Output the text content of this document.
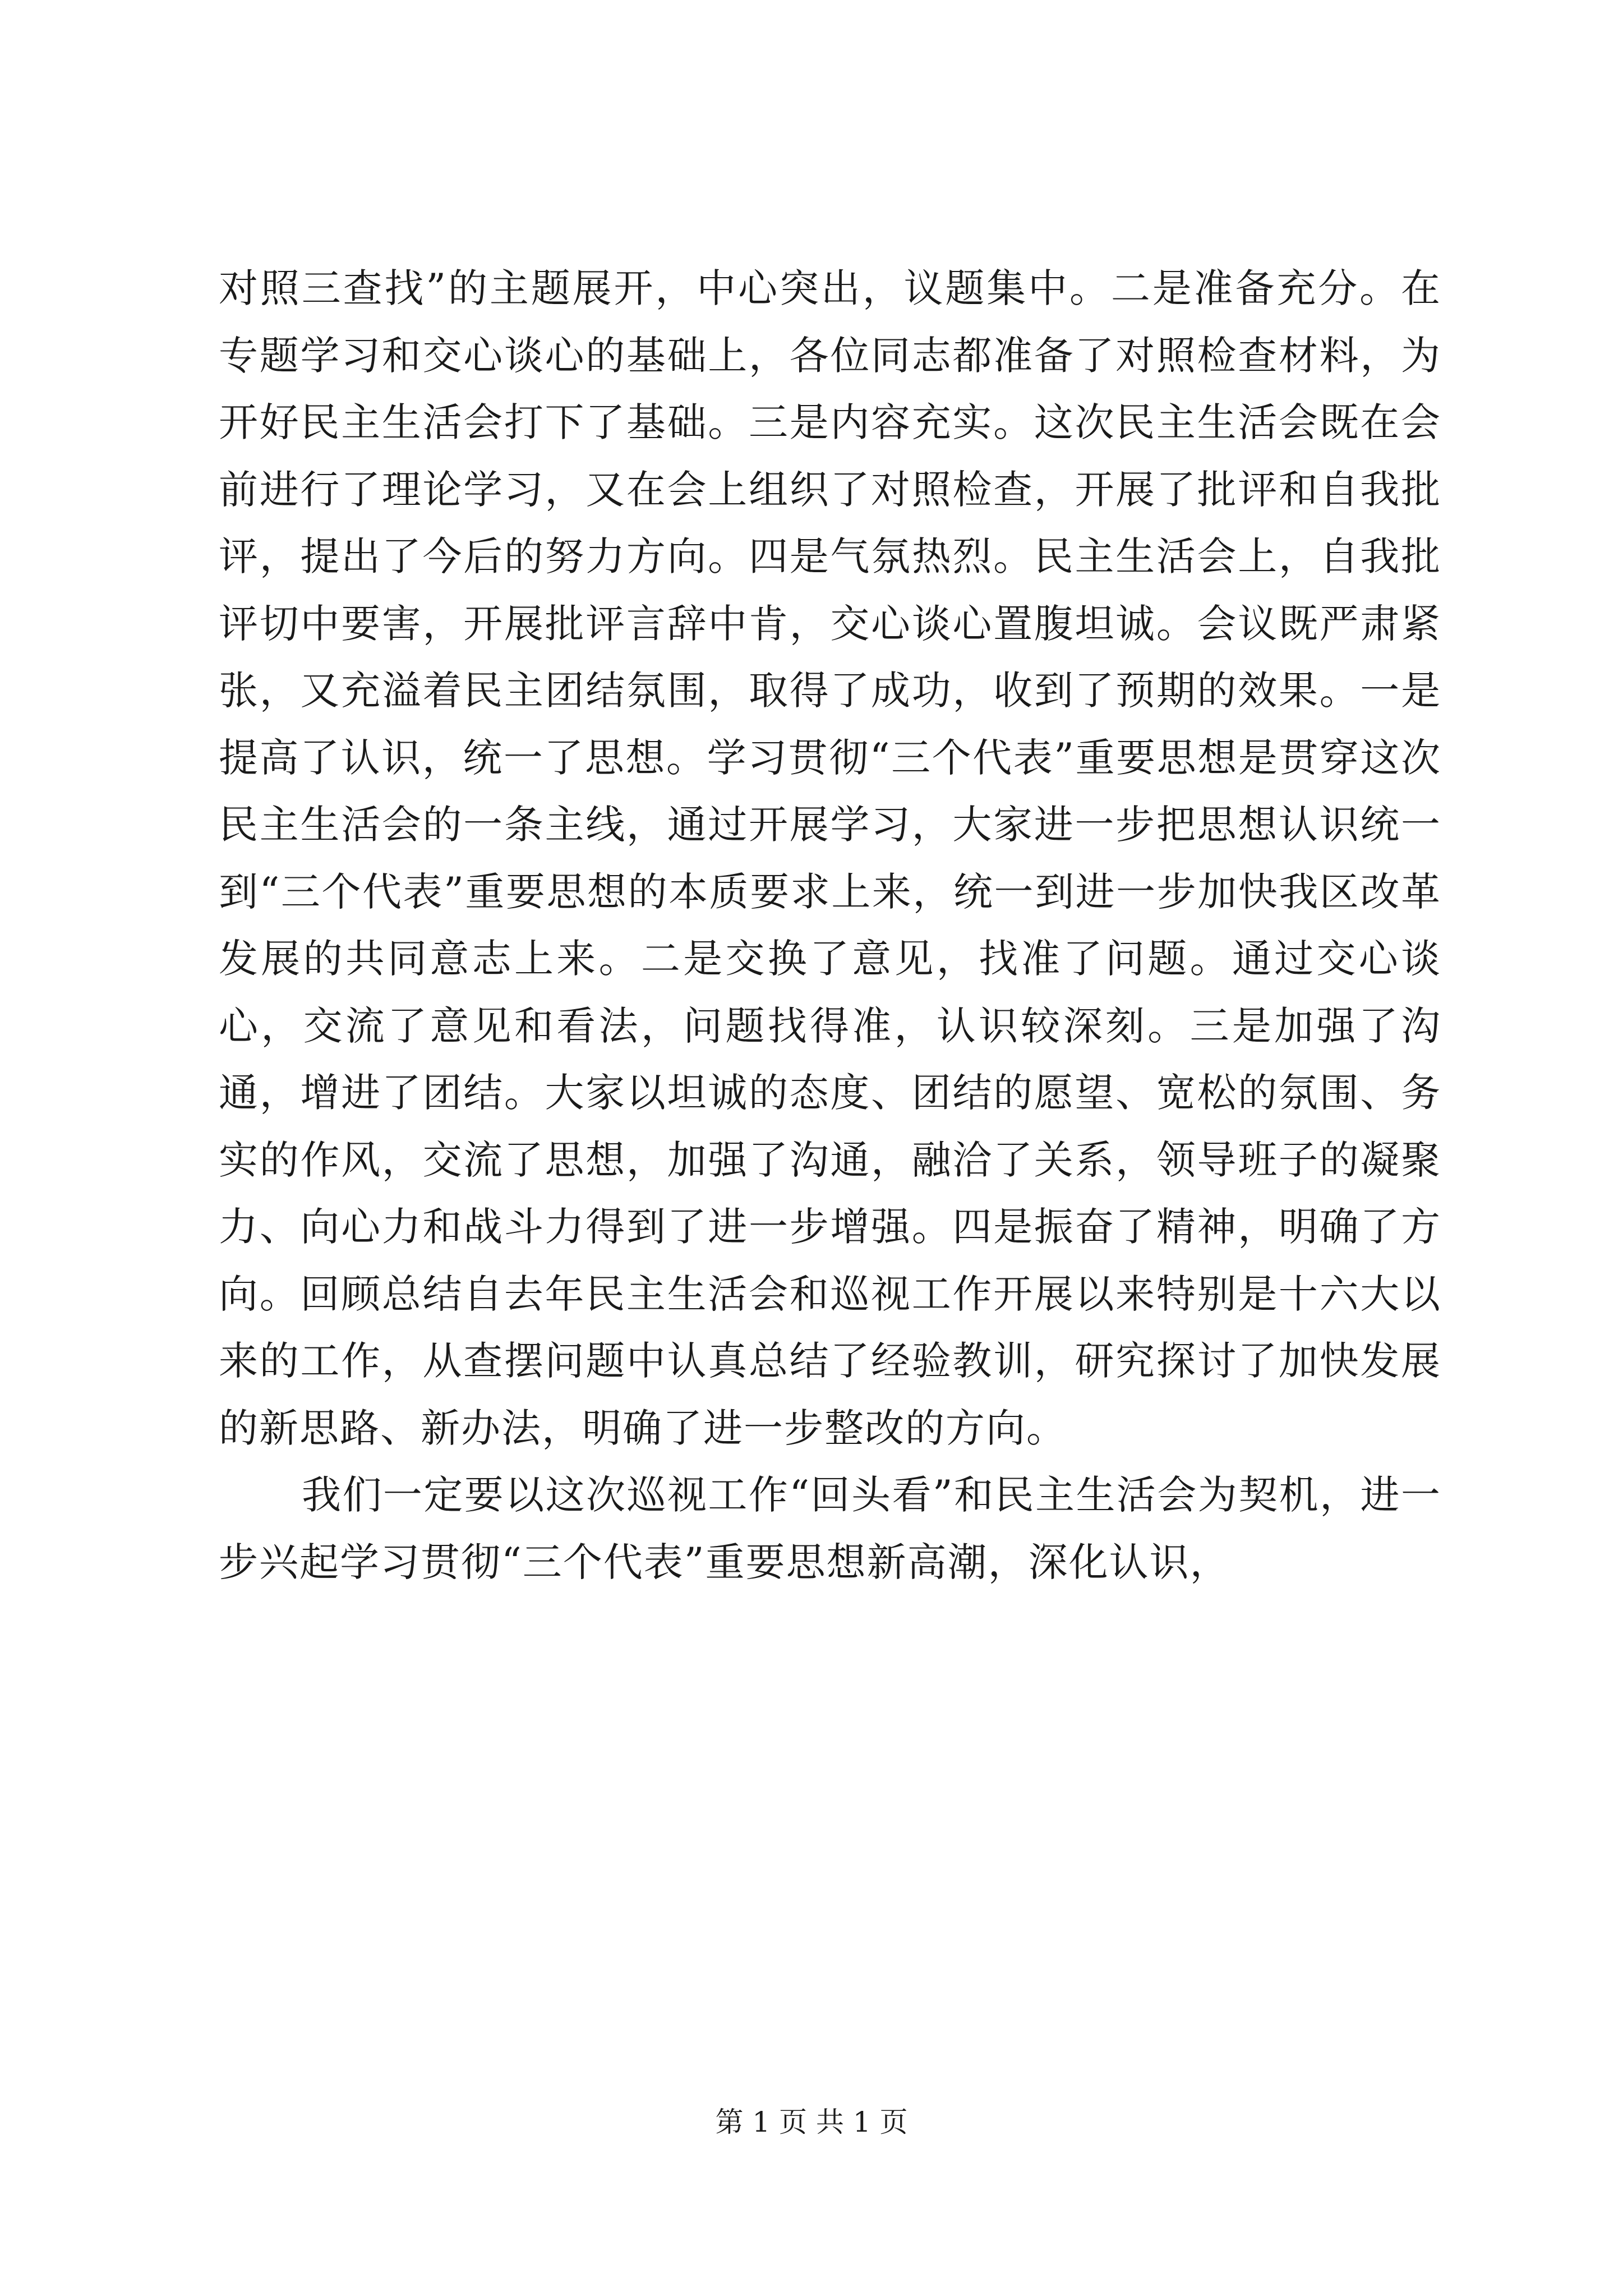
对照三查找”的主题展开，中心突出，议题集中。二是准备充分。在专题学习和交心谈心的基础上，各位同志都准备了对照检查材料，为开好民主生活会打下了基础。三是内容充实。这次民主生活会既在会前进行了理论学习，又在会上组织了对照检查，开展了批评和自我批评，提出了今后的努力方向。四是气氛热烈。民主生活会上，自我批评切中要害，开展批评言辞中肯，交心谈心置腹坦诚。会议既严肃紧张，又充溢着民主团结氛围，取得了成功，收到了预期的效果。一是提高了认识，统一了思想。学习贯彻“三个代表”重要思想是贯穿这次民主生活会的一条主线，通过开展学习，大家进一步把思想认识统一到“三个代表”重要思想的本质要求上来，统一到进一步加快我区改革发展的共同意志上来。二是交换了意见，找准了问题。通过交心谈心，交流了意见和看法，问题找得准，认识较深刻。三是加强了沟通，增进了团结。大家以坦诚的态度、团结的愿望、宽松的氛围、务实的作风，交流了思想，加强了沟通，融洽了关系，领导班子的凝聚力、向心力和战斗力得到了进一步增强。四是振奋了精神，明确了方向。回顾总结自去年民主生活会和巡视工作开展以来特别是十六大以来的工作，从查摆问题中认真总结了经验教训，研究探讨了加快发展的新思路、新办法，明确了进一步整改的方向。

我们一定要以这次巡视工作“回头看”和民主生活会为契机，进一步兴起学习贯彻“三个代表”重要思想新高潮，深化认识，

第 1 页 共 1 页
